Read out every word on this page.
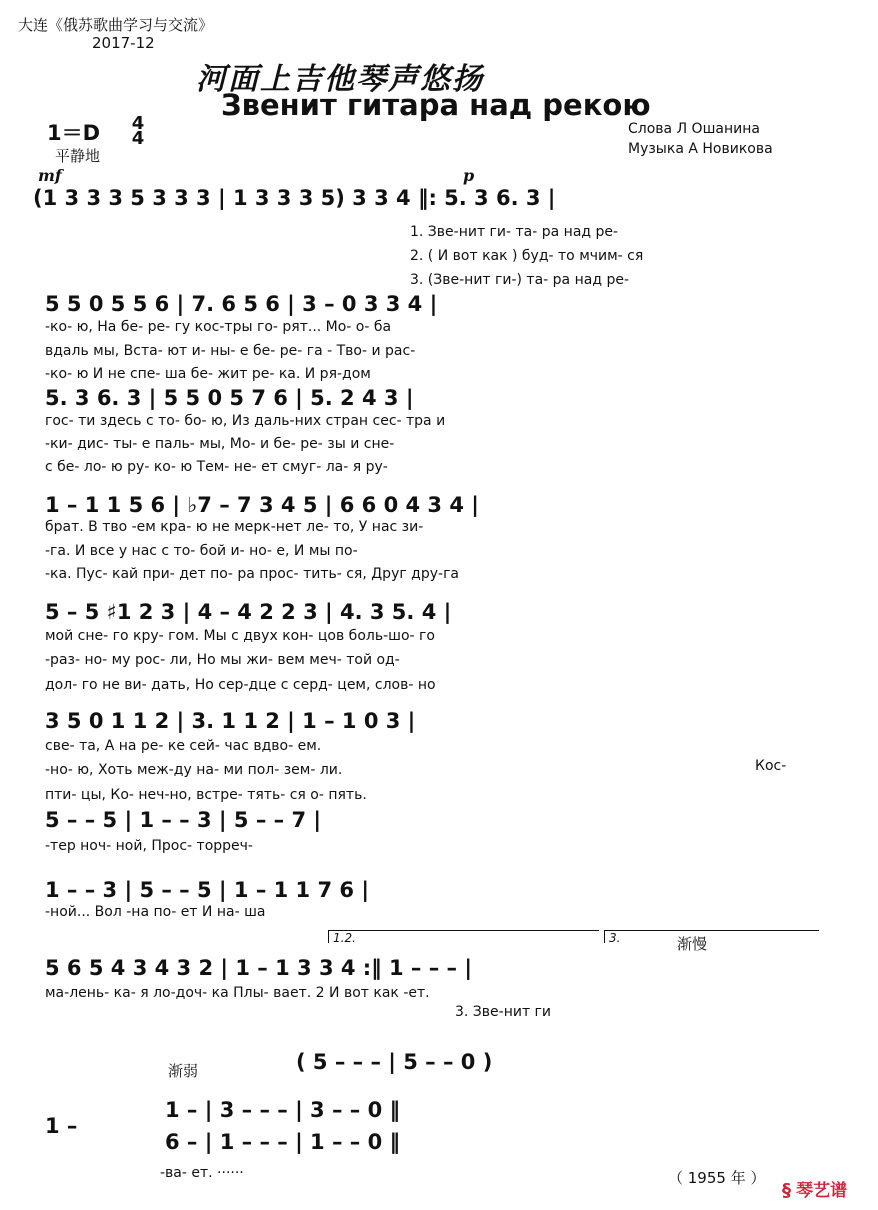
大连《俄苏歌曲学习与交流》
2017-12
河面上吉他琴声悠扬
Звенит гитара над рекою
Слова Л Ошанина
Музыка А Новикова
1＝D 4
4
平静地
mf	p
(1 3 3 3 5 3 3 3 | 1 3 3 3 5) 3 3 4 ‖: 5. 3 6. 3 |
1. Зве-нит ги- та- ра над ре-
2. ( И вот как ) буд- то мчим- ся
3. (Зве-нит ги-) та- ра над ре-
5 5 0 5 5 6 | 7. 6 5 6 | 3 – 0 3 3 4 |
-ко- ю, На бе- ре- гу кос-тры го- рят... Мо- о- ба
вдаль мы, Вста- ют и- ны- е бе- ре- га - Тво- и рас-
-ко- ю И не спе- ша бе- жит ре- ка. И ря-дом
5. 3 6. 3 | 5 5 0 5 7 6 | 5. 2 4 3 |
гос- ти здесь с то- бо- ю, Из даль-них стран сес- тра и
-ки- дис- ты- е паль- мы, Мо- и бе- ре- зы и сне-
с бе- ло- ю ру- ко- ю Тем- не- ет смуг- ла- я ру-
1 – 1 1 5 6 | ♭7 – 7 3 4 5 | 6 6 0 4 3 4 |
брат. В тво -ем кра- ю не мерк-нет ле- то, У нас зи-
-га. И все у нас с то- бой и- но- е, И мы по-
-ка. Пус- кай при- дет по- ра прос- тить- ся, Друг дру-га
5 – 5 ♯1 2 3 | 4 – 4 2 2 3 | 4. 3 5. 4 |
мой сне- го кру- гом. Мы с двух кон- цов боль-шо- го
-раз- но- му рос- ли, Но мы жи- вем меч- той од-
дол- го не ви- дать, Но сер-дце с серд- цем, слов- но
3 5 0 1 1 2 | 3. 1 1 2 | 1 – 1 0 3 |
све- та, А на ре- ке сей- час вдво- ем.
-но- ю, Хоть меж-ду на- ми пол- зем- ли.
пти- цы, Ко- неч-но, встре- тять- ся о- пять.
Кос-
5 – – 5 | 1 – – 3 | 5 – – 7 |
-тер ноч- ной, Прос- торреч-
1 – – 3 | 5 – – 5 | 1 – 1 1 7 6 |
-ной... Вол -на по- ет И на- ша
1.2.	3.	渐慢
5 6 5 4 3 4 3 2 | 1 – 1 3 3 4 :‖ 1 – – – |
ма-лень- ка- я ло-доч- ка Плы- вает. 2 И вот как -ет.
3. Зве-нит ги
渐弱	( 5 – – – | 5 – – 0 )
1 –
1 – | 3 – – – | 3 – – 0 ‖
6 – | 1 – – – | 1 – – 0 ‖
-ва- ет. ······	（ 1955 年 ）
§ 琴艺谱
